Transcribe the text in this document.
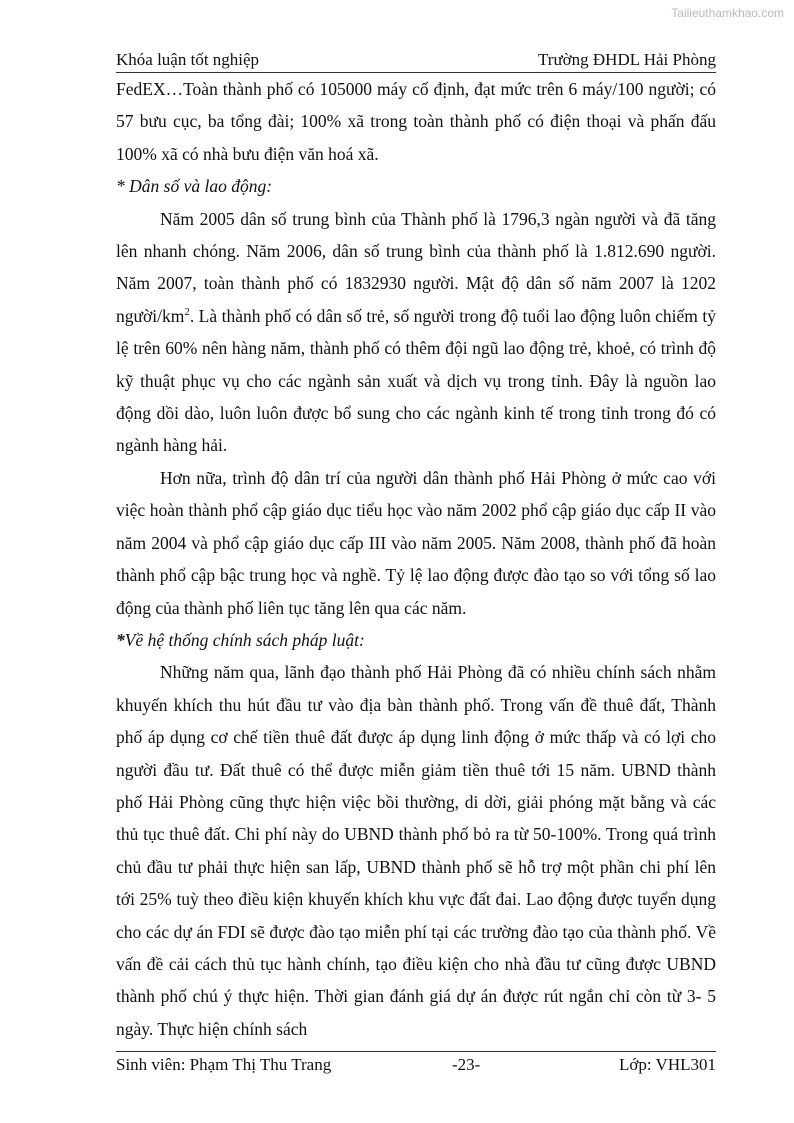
Tailieuthamkhao.com
Khóa luận tốt nghiệp	Trường ĐHDL Hải Phòng

FedEX…Toàn thành phố có 105000 máy cố định, đạt mức trên 6 máy/100 người; có 57 bưu cục, ba tổng đài; 100% xã trong toàn thành phố có điện thoại và phấn đấu 100% xã có nhà bưu điện văn hoá xã.

* Dân số và lao động:

Năm 2005 dân số trung bình của Thành phố là 1796,3 ngàn người và đã tăng lên nhanh chóng. Năm 2006, dân số trung bình của thành phố là 1.812.690 người. Năm 2007, toàn thành phố có 1832930 người. Mật độ dân số năm 2007 là 1202 người/$km^2$. Là thành phố có dân số trẻ, số người trong độ tuổi lao động luôn chiếm tỷ lệ trên 60% nên hàng năm, thành phố có thêm đội ngũ lao động trẻ, khoẻ, có trình độ kỹ thuật phục vụ cho các ngành sản xuất và dịch vụ trong tỉnh. Đây là nguồn lao động dồi dào, luôn luôn được bổ sung cho các ngành kinh tế trong tỉnh trong đó có ngành hàng hải.

Hơn nữa, trình độ dân trí của người dân thành phố Hải Phòng ở mức cao với việc hoàn thành phổ cập giáo dục tiểu học vào năm 2002 phổ cập giáo dục cấp II vào năm 2004 và phổ cập giáo dục cấp III vào năm 2005. Năm 2008, thành phố đã hoàn thành phổ cập bậc trung học và nghề. Tỷ lệ lao động được đào tạo so với tổng số lao động của thành phố liên tục tăng lên qua các năm.

*Về hệ thống chính sách pháp luật:

Những năm qua, lãnh đạo thành phố Hải Phòng đã có nhiều chính sách nhằm khuyến khích thu hút đầu tư vào địa bàn thành phố. Trong vấn đề thuê đất, Thành phố áp dụng cơ chế tiền thuê đất được áp dụng linh động ở mức thấp và có lợi cho người đầu tư. Đất thuê có thể được miễn giảm tiền thuê tới 15 năm. UBND thành phố Hải Phòng cũng thực hiện việc bồi thường, di dời, giải phóng mặt bằng và các thủ tục thuê đất. Chi phí này do UBND thành phố bỏ ra từ 50-100%. Trong quá trình chủ đầu tư phải thực hiện san lấp, UBND thành phố sẽ hỗ trợ một phần chi phí lên tới 25% tuỳ theo điều kiện khuyến khích khu vực đất đai. Lao động được tuyển dụng cho các dự án FDI sẽ được đào tạo miễn phí tại các trường đào tạo của thành phố. Về vấn đề cải cách thủ tục hành chính, tạo điều kiện cho nhà đầu tư cũng được UBND thành phố chú ý thực hiện. Thời gian đánh giá dự án được rút ngắn chỉ còn từ 3- 5 ngày. Thực hiện chính sách

Sinh viên: Phạm Thị Thu Trang	-23-	Lớp: VHL301
